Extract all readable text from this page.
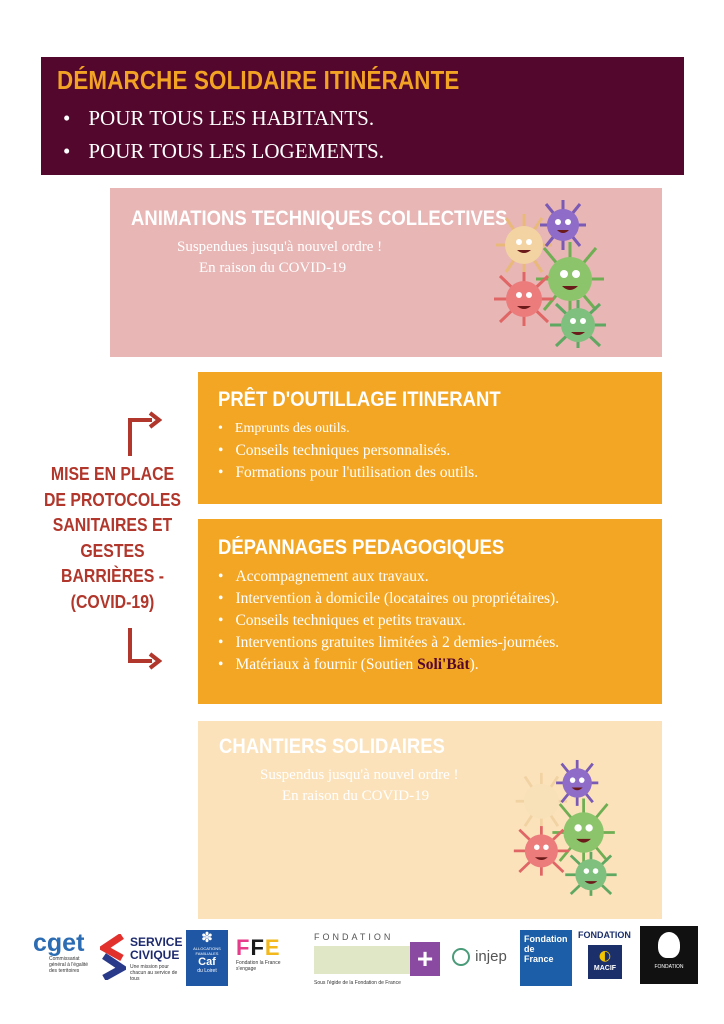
DÉMARCHE SOLIDAIRE ITINÉRANTE
• POUR TOUS LES HABITANTS.
• POUR TOUS LES LOGEMENTS.
ANIMATIONS TECHNIQUES COLLECTIVES
Suspendues jusqu'à nouvel ordre !
En raison du COVID-19
PRÊT D'OUTILLAGE ITINERANT
• Emprunts des outils.
• Conseils techniques personnalisés.
• Formations pour l'utilisation des outils.
DÉPANNAGES PEDAGOGIQUES
• Accompagnement aux travaux.
• Intervention à domicile (locataires ou propriétaires).
• Conseils techniques et petits travaux.
• Interventions gratuites limitées à 2 demies-journées.
• Matériaux à fournir (Soutien Soli'Bât).
CHANTIERS SOLIDAIRES
Suspendus jusqu'à nouvel ordre !
En raison du COVID-19
MISE EN PLACE
DE PROTOCOLES
SANITAIRES ET
GESTES
BARRIÈRES -
(COVID-19)
cget
Commissariat général à l'égalité des territoires
SERVICE
CIVIQUE
Une mission pour chacun au service de tous
✽
ALLOCATIONS FAMILIALES
Caf
du Loiret
FFE
Fondation la France s'engage
FONDATION
+
Sous l'égide de la Fondation de France
injep
Fondation
de
France
FONDATION
◐
MACIF	FONDATION
